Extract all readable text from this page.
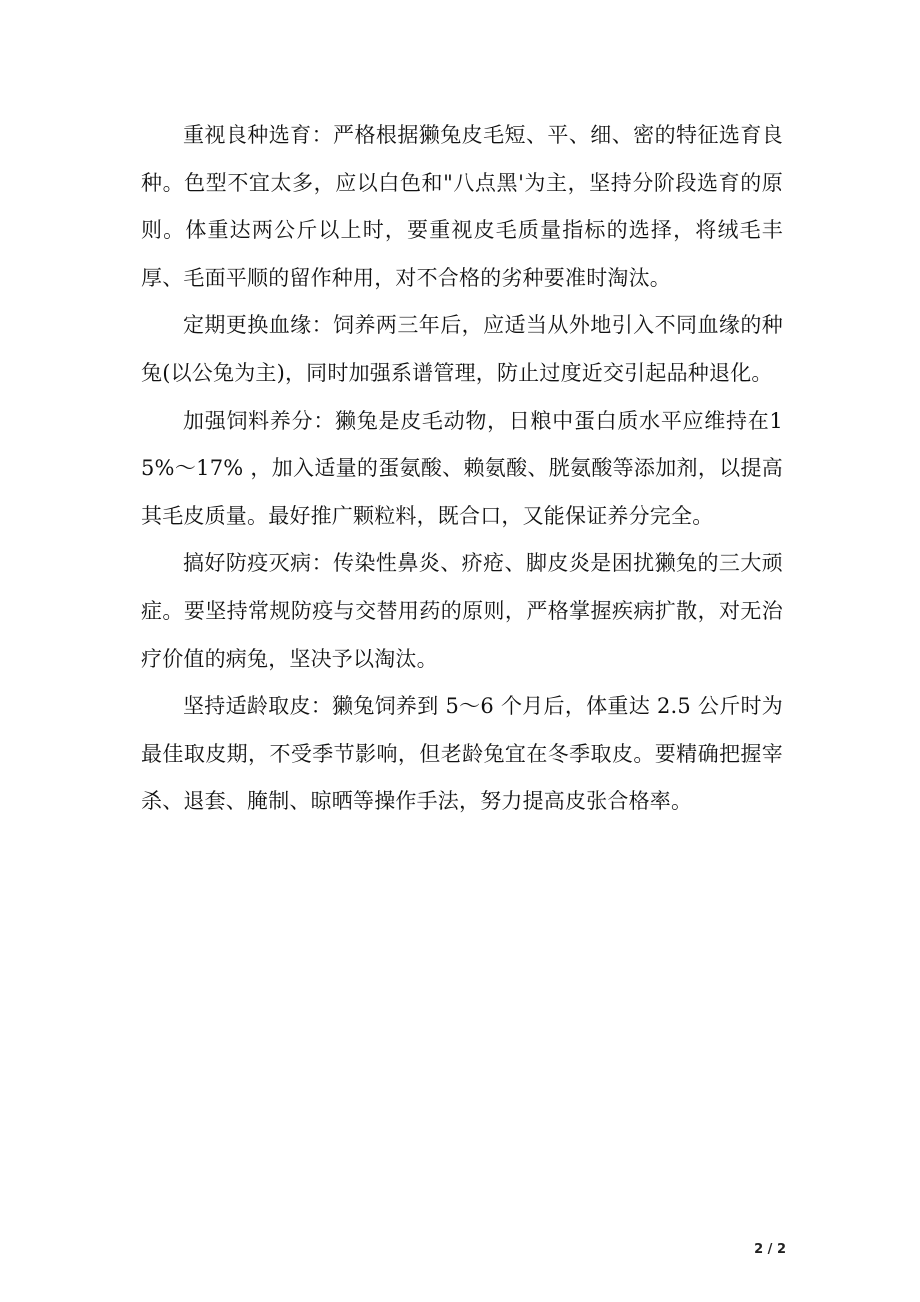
重视良种选育：严格根据獭兔皮毛短、平、细、密的特征选育良种。色型不宜太多，应以白色和"八点黑'为主，坚持分阶段选育的原则。体重达两公斤以上时，要重视皮毛质量指标的选择，将绒毛丰厚、毛面平顺的留作种用，对不合格的劣种要准时淘汰。

定期更换血缘：饲养两三年后，应适当从外地引入不同血缘的种兔(以公兔为主)，同时加强系谱管理，防止过度近交引起品种退化。

加强饲料养分：獭兔是皮毛动物，日粮中蛋白质水平应维持在15%～17% ，加入适量的蛋氨酸、赖氨酸、胱氨酸等添加剂，以提高其毛皮质量。最好推广颗粒料，既合口，又能保证养分完全。

搞好防疫灭病：传染性鼻炎、疥疮、脚皮炎是困扰獭兔的三大顽症。要坚持常规防疫与交替用药的原则，严格掌握疾病扩散，对无治疗价值的病兔，坚决予以淘汰。

坚持适龄取皮：獭兔饲养到 5～6 个月后，体重达 2.5 公斤时为最佳取皮期，不受季节影响，但老龄兔宜在冬季取皮。要精确把握宰杀、退套、腌制、晾晒等操作手法，努力提高皮张合格率。

2 / 2
